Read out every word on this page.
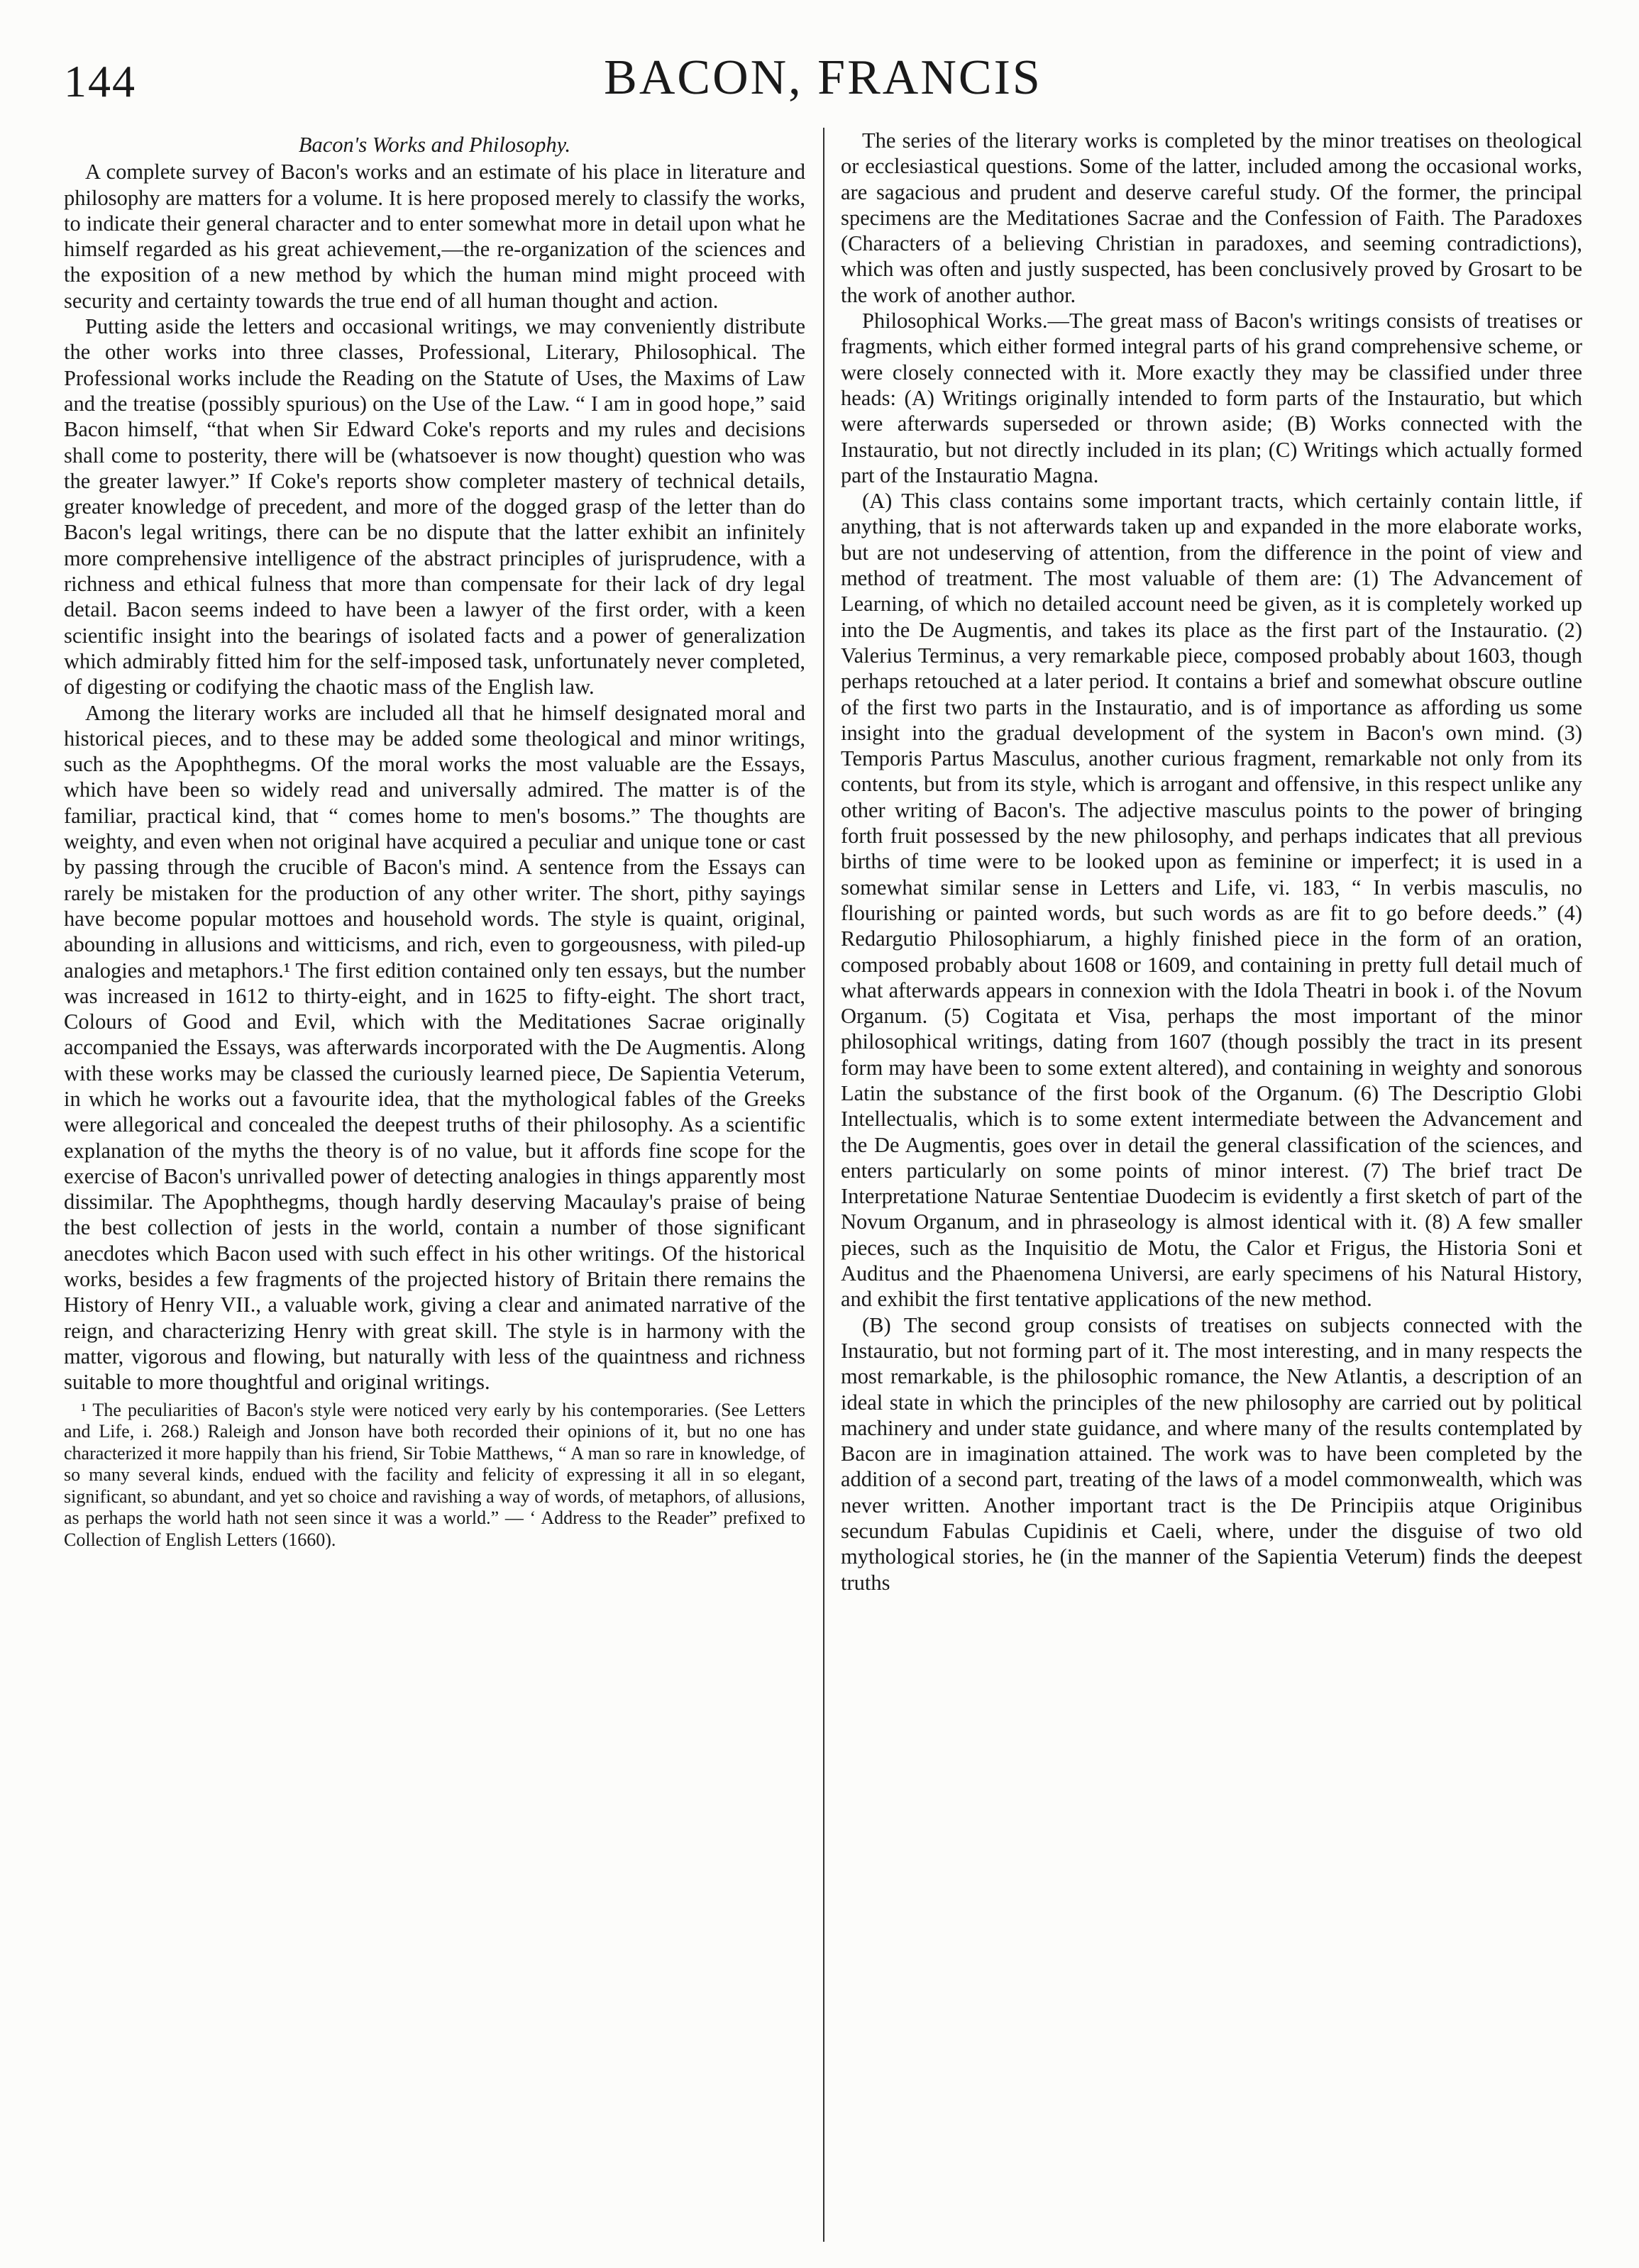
144	BACON, FRANCIS

Bacon's Works and Philosophy.

A complete survey of Bacon's works and an estimate of his place in literature and philosophy are matters for a volume. It is here proposed merely to classify the works, to indicate their general character and to enter somewhat more in detail upon what he himself regarded as his great achievement,—the re-organization of the sciences and the exposition of a new method by which the human mind might proceed with security and certainty towards the true end of all human thought and action.

Putting aside the letters and occasional writings, we may conveniently distribute the other works into three classes, Professional, Literary, Philosophical. The Professional works include the Reading on the Statute of Uses, the Maxims of Law and the treatise (possibly spurious) on the Use of the Law. “ I am in good hope,” said Bacon himself, “that when Sir Edward Coke's reports and my rules and decisions shall come to posterity, there will be (whatsoever is now thought) question who was the greater lawyer.” If Coke's reports show completer mastery of technical details, greater knowledge of precedent, and more of the dogged grasp of the letter than do Bacon's legal writings, there can be no dispute that the latter exhibit an infinitely more comprehensive intelligence of the abstract principles of jurisprudence, with a richness and ethical fulness that more than compensate for their lack of dry legal detail. Bacon seems indeed to have been a lawyer of the first order, with a keen scientific insight into the bearings of isolated facts and a power of generalization which admirably fitted him for the self-imposed task, unfortunately never completed, of digesting or codifying the chaotic mass of the English law.

Among the literary works are included all that he himself designated moral and historical pieces, and to these may be added some theological and minor writings, such as the Apophthegms. Of the moral works the most valuable are the Essays, which have been so widely read and universally admired. The matter is of the familiar, practical kind, that “ comes home to men's bosoms.” The thoughts are weighty, and even when not original have acquired a peculiar and unique tone or cast by passing through the crucible of Bacon's mind. A sentence from the Essays can rarely be mistaken for the production of any other writer. The short, pithy sayings have become popular mottoes and household words. The style is quaint, original, abounding in allusions and witticisms, and rich, even to gorgeousness, with piled-up analogies and metaphors.¹ The first edition contained only ten essays, but the number was increased in 1612 to thirty-eight, and in 1625 to fifty-eight. The short tract, Colours of Good and Evil, which with the Meditationes Sacrae originally accompanied the Essays, was afterwards incorporated with the De Augmentis. Along with these works may be classed the curiously learned piece, De Sapientia Veterum, in which he works out a favourite idea, that the mythological fables of the Greeks were allegorical and concealed the deepest truths of their philosophy. As a scientific explanation of the myths the theory is of no value, but it affords fine scope for the exercise of Bacon's unrivalled power of detecting analogies in things apparently most dissimilar. The Apophthegms, though hardly deserving Macaulay's praise of being the best collection of jests in the world, contain a number of those significant anecdotes which Bacon used with such effect in his other writings. Of the historical works, besides a few fragments of the projected history of Britain there remains the History of Henry VII., a valuable work, giving a clear and animated narrative of the reign, and characterizing Henry with great skill. The style is in harmony with the matter, vigorous and flowing, but naturally with less of the quaintness and richness suitable to more thoughtful and original writings.

¹ The peculiarities of Bacon's style were noticed very early by his contemporaries. (See Letters and Life, i. 268.) Raleigh and Jonson have both recorded their opinions of it, but no one has characterized it more happily than his friend, Sir Tobie Matthews, “ A man so rare in knowledge, of so many several kinds, endued with the facility and felicity of expressing it all in so elegant, significant, so abundant, and yet so choice and ravishing a way of words, of metaphors, of allusions, as perhaps the world hath not seen since it was a world.” — ‘ Address to the Reader” prefixed to Collection of English Letters (1660).

The series of the literary works is completed by the minor treatises on theological or ecclesiastical questions. Some of the latter, included among the occasional works, are sagacious and prudent and deserve careful study. Of the former, the principal specimens are the Meditationes Sacrae and the Confession of Faith. The Paradoxes (Characters of a believing Christian in paradoxes, and seeming contradictions), which was often and justly suspected, has been conclusively proved by Grosart to be the work of another author.

Philosophical Works.—The great mass of Bacon's writings consists of treatises or fragments, which either formed integral parts of his grand comprehensive scheme, or were closely connected with it. More exactly they may be classified under three heads: (A) Writings originally intended to form parts of the Instauratio, but which were afterwards superseded or thrown aside; (B) Works connected with the Instauratio, but not directly included in its plan; (C) Writings which actually formed part of the Instauratio Magna.

(A) This class contains some important tracts, which certainly contain little, if anything, that is not afterwards taken up and expanded in the more elaborate works, but are not undeserving of attention, from the difference in the point of view and method of treatment. The most valuable of them are: (1) The Advancement of Learning, of which no detailed account need be given, as it is completely worked up into the De Augmentis, and takes its place as the first part of the Instauratio. (2) Valerius Terminus, a very remarkable piece, composed probably about 1603, though perhaps retouched at a later period. It contains a brief and somewhat obscure outline of the first two parts in the Instauratio, and is of importance as affording us some insight into the gradual development of the system in Bacon's own mind. (3) Temporis Partus Masculus, another curious fragment, remarkable not only from its contents, but from its style, which is arrogant and offensive, in this respect unlike any other writing of Bacon's. The adjective masculus points to the power of bringing forth fruit possessed by the new philosophy, and perhaps indicates that all previous births of time were to be looked upon as feminine or imperfect; it is used in a somewhat similar sense in Letters and Life, vi. 183, “ In verbis masculis, no flourishing or painted words, but such words as are fit to go before deeds.” (4) Redargutio Philosophiarum, a highly finished piece in the form of an oration, composed probably about 1608 or 1609, and containing in pretty full detail much of what afterwards appears in connexion with the Idola Theatri in book i. of the Novum Organum. (5) Cogitata et Visa, perhaps the most important of the minor philosophical writings, dating from 1607 (though possibly the tract in its present form may have been to some extent altered), and containing in weighty and sonorous Latin the substance of the first book of the Organum. (6) The Descriptio Globi Intellectualis, which is to some extent intermediate between the Advancement and the De Augmentis, goes over in detail the general classification of the sciences, and enters particularly on some points of minor interest. (7) The brief tract De Interpretatione Naturae Sententiae Duodecim is evidently a first sketch of part of the Novum Organum, and in phraseology is almost identical with it. (8) A few smaller pieces, such as the Inquisitio de Motu, the Calor et Frigus, the Historia Soni et Auditus and the Phaenomena Universi, are early specimens of his Natural History, and exhibit the first tentative applications of the new method.

(B) The second group consists of treatises on subjects connected with the Instauratio, but not forming part of it. The most interesting, and in many respects the most remarkable, is the philosophic romance, the New Atlantis, a description of an ideal state in which the principles of the new philosophy are carried out by political machinery and under state guidance, and where many of the results contemplated by Bacon are in imagination attained. The work was to have been completed by the addition of a second part, treating of the laws of a model commonwealth, which was never written. Another important tract is the De Principiis atque Originibus secundum Fabulas Cupidinis et Caeli, where, under the disguise of two old mythological stories, he (in the manner of the Sapientia Veterum) finds the deepest truths
